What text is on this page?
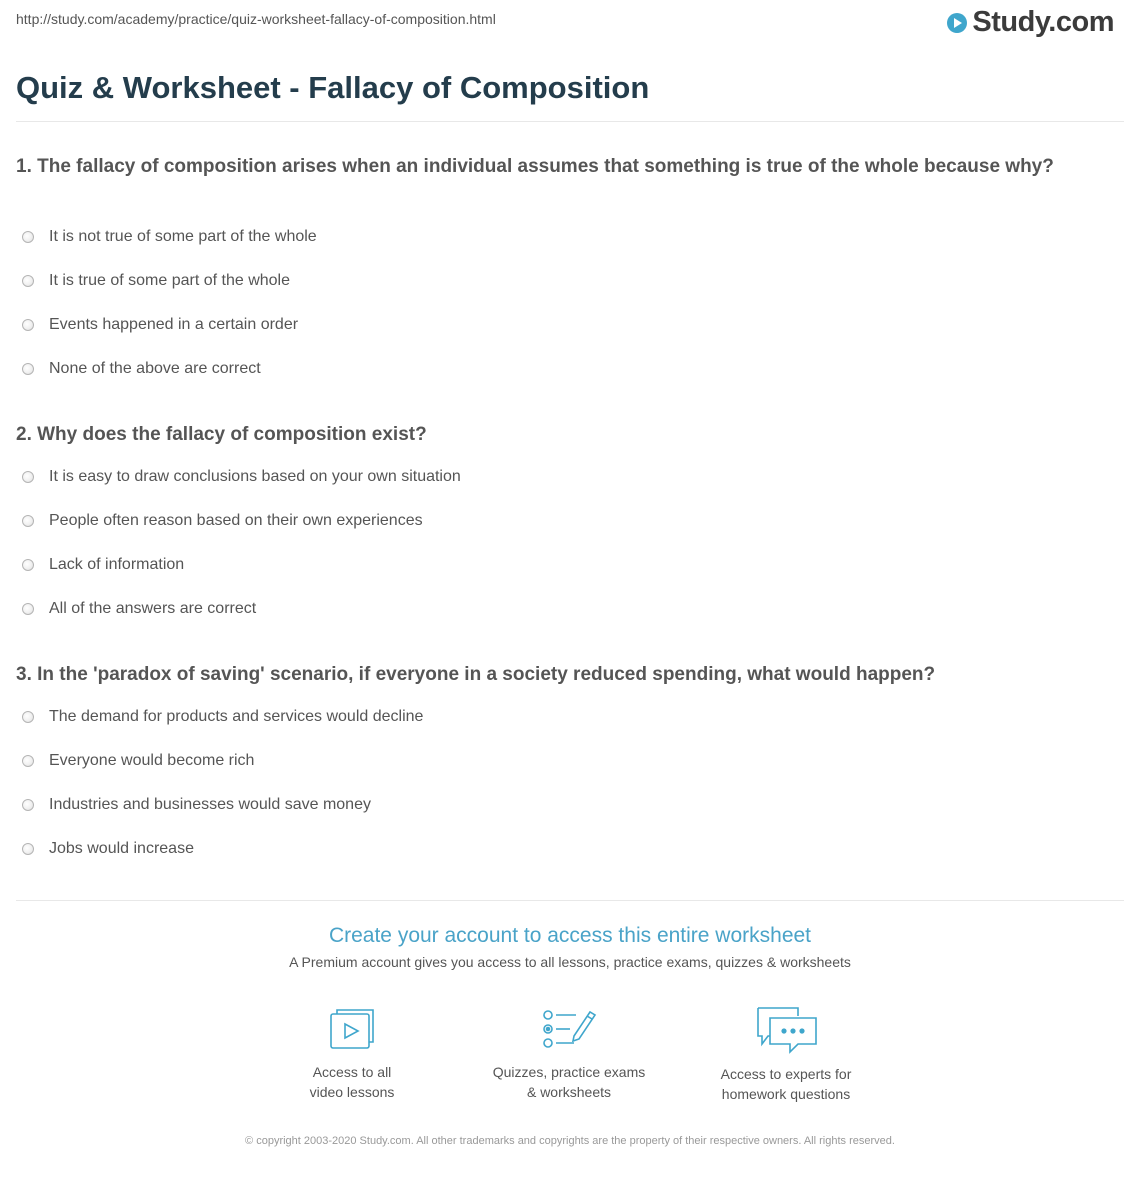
http://study.com/academy/practice/quiz-worksheet-fallacy-of-composition.html	Study.com
Quiz & Worksheet - Fallacy of Composition

1. The fallacy of composition arises when an individual assumes that something is true of the whole because why?

It is not true of some part of the whole
It is true of some part of the whole
Events happened in a certain order
None of the above are correct

2. Why does the fallacy of composition exist?

It is easy to draw conclusions based on your own situation
People often reason based on their own experiences
Lack of information
All of the answers are correct

3. In the 'paradox of saving' scenario, if everyone in a society reduced spending, what would happen?

The demand for products and services would decline
Everyone would become rich
Industries and businesses would save money
Jobs would increase
Create your account to access this entire worksheet
A Premium account gives you access to all lessons, practice exams, quizzes & worksheets
Access to all
video lessons
Quizzes, practice exams
& worksheets
Access to experts for
homework questions
© copyright 2003-2020 Study.com. All other trademarks and copyrights are the property of their respective owners. All rights reserved.
